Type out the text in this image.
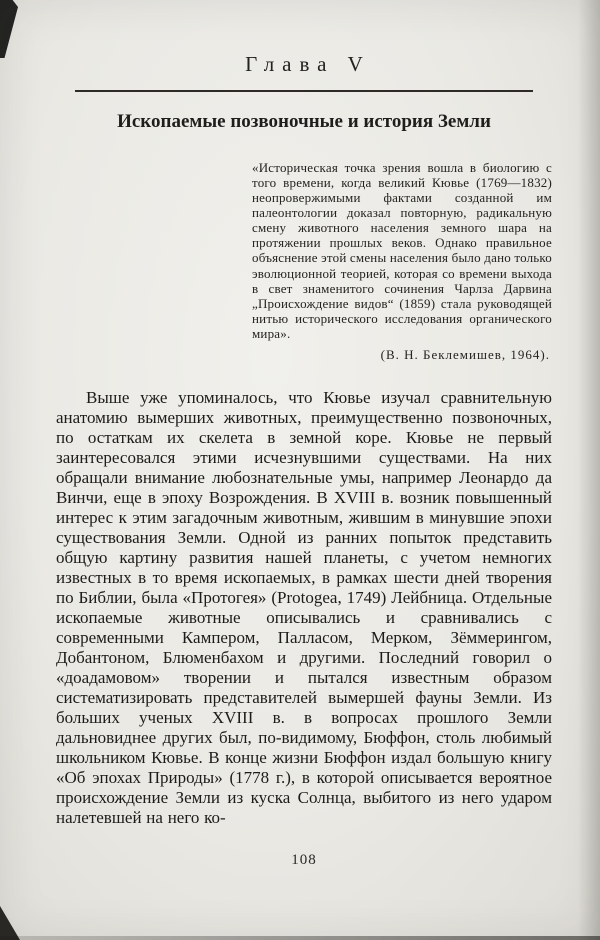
Глава V
Ископаемые позвоночные и история Земли
«Историческая точка зрения вошла в биологию с того времени, когда великий Кювье (1769—1832) неопровержимыми фактами созданной им палеонтологии доказал повторную, радикальную смену животного населения земного шара на протяжении прошлых веков. Однако правильное объяснение этой смены населения было дано только эволюционной теорией, которая со времени выхода в свет знаменитого сочинения Чарлза Дарвина „Происхождение видов“ (1859) стала руководящей нитью исторического исследования органического мира».
(В. Н. Беклемишев, 1964).

Выше уже упоминалось, что Кювье изучал сравнительную анатомию вымерших животных, преимущественно позвоночных, по остаткам их скелета в земной коре. Кювье не первый заинтересовался этими исчезнувшими существами. На них обращали внимание любознательные умы, например Леонардо да Винчи, еще в эпоху Возрождения. В XVIII в. возник повышенный интерес к этим загадочным животным, жившим в минувшие эпохи существования Земли. Одной из ранних попыток представить общую картину развития нашей планеты, с учетом немногих известных в то время ископаемых, в рамках шести дней творения по Библии, была «Протогея» (Protogea, 1749) Лейбница. Отдельные ископаемые животные описывались и сравнивались с современными Кампером, Палласом, Мерком, Зёммерингом, Добантоном, Блюменбахом и другими. Последний говорил о «доадамовом» творении и пытался известным образом систематизировать представителей вымершей фауны Земли. Из больших ученых XVIII в. в вопросах прошлого Земли дальновиднее других был, по-видимому, Бюффон, столь любимый школьником Кювье. В конце жизни Бюффон издал большую книгу «Об эпохах Природы» (1778 г.), в которой описывается вероятное происхождение Земли из куска Солнца, выбитого из него ударом налетевшей на него ко-

108
